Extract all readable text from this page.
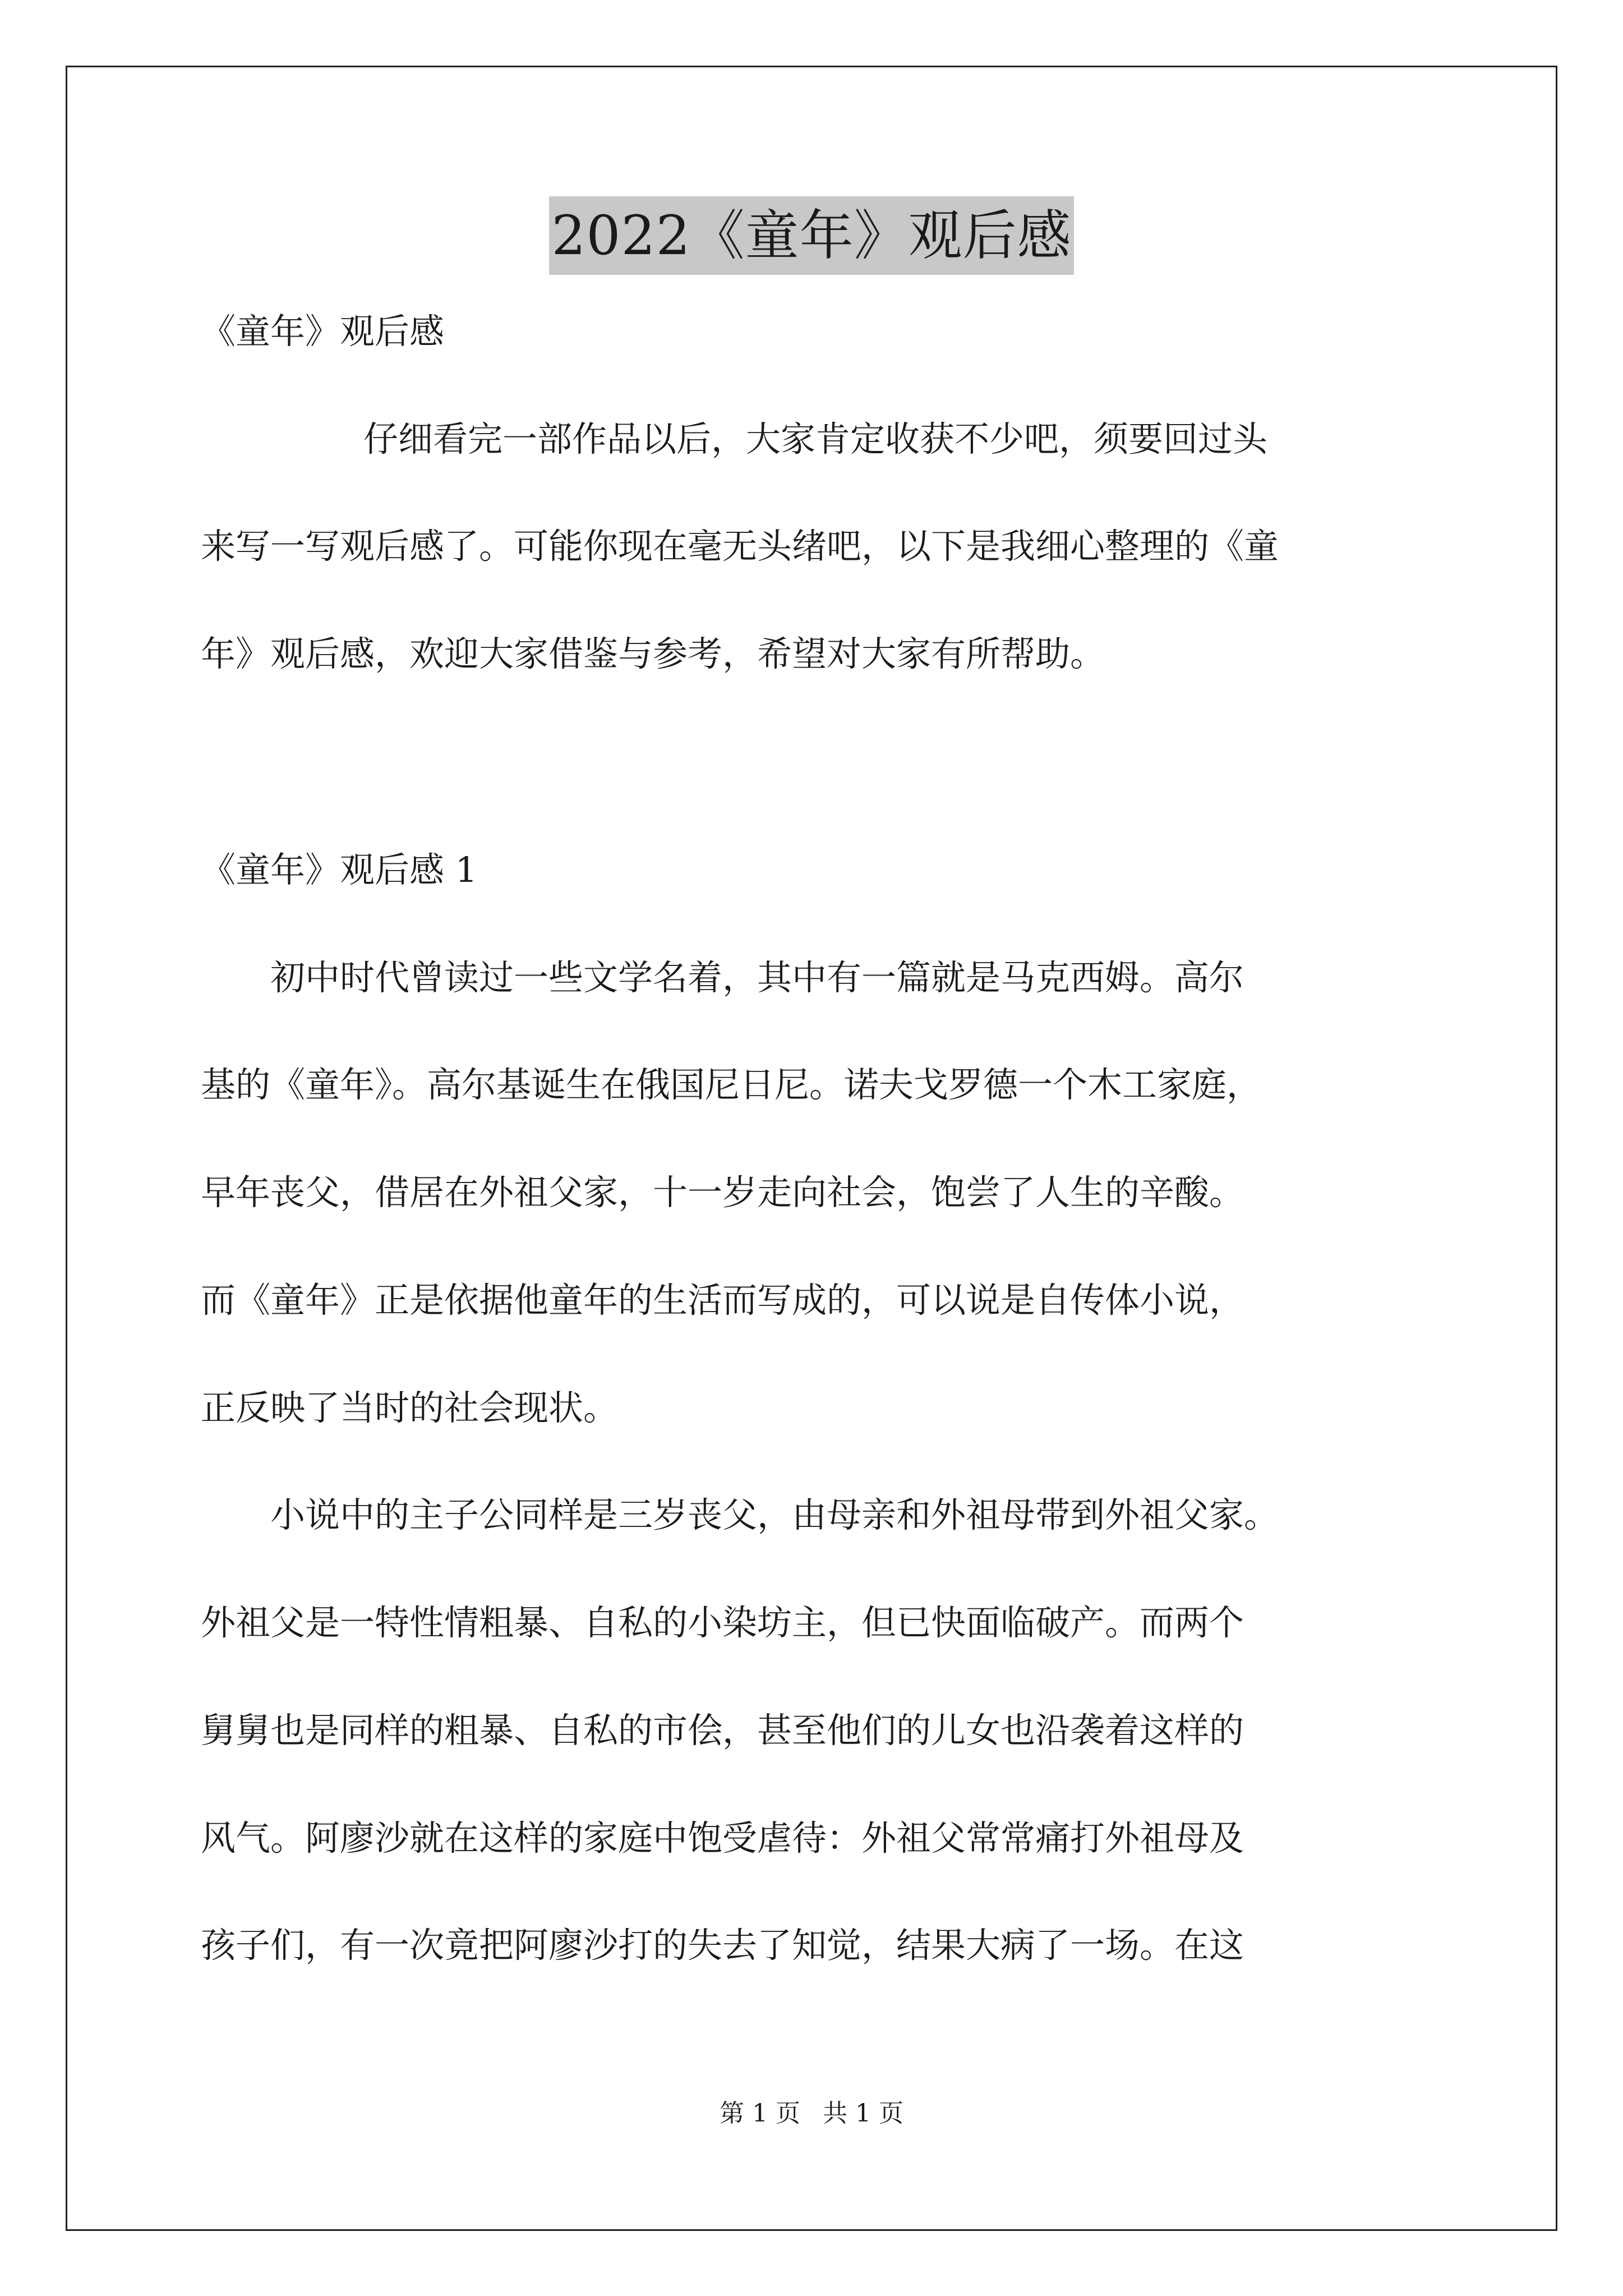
2022《童年》观后感
《童年》观后感
仔细看完一部作品以后，大家肯定收获不少吧，须要回过头
来写一写观后感了。可能你现在毫无头绪吧，以下是我细心整理的《童
年》观后感，欢迎大家借鉴与参考，希望对大家有所帮助。
《童年》观后感 1
初中时代曾读过一些文学名着，其中有一篇就是马克西姆。高尔
基的《童年》。高尔基诞生在俄国尼日尼。诺夫戈罗德一个木工家庭，
早年丧父，借居在外祖父家，十一岁走向社会，饱尝了人生的辛酸。
而《童年》正是依据他童年的生活而写成的，可以说是自传体小说，
正反映了当时的社会现状。
小说中的主子公同样是三岁丧父，由母亲和外祖母带到外祖父家。
外祖父是一特性情粗暴、自私的小染坊主，但已快面临破产。而两个
舅舅也是同样的粗暴、自私的市侩，甚至他们的儿女也沿袭着这样的
风气。阿廖沙就在这样的家庭中饱受虐待：外祖父常常痛打外祖母及
孩子们，有一次竟把阿廖沙打的失去了知觉，结果大病了一场。在这
第 1 页 共 1 页
